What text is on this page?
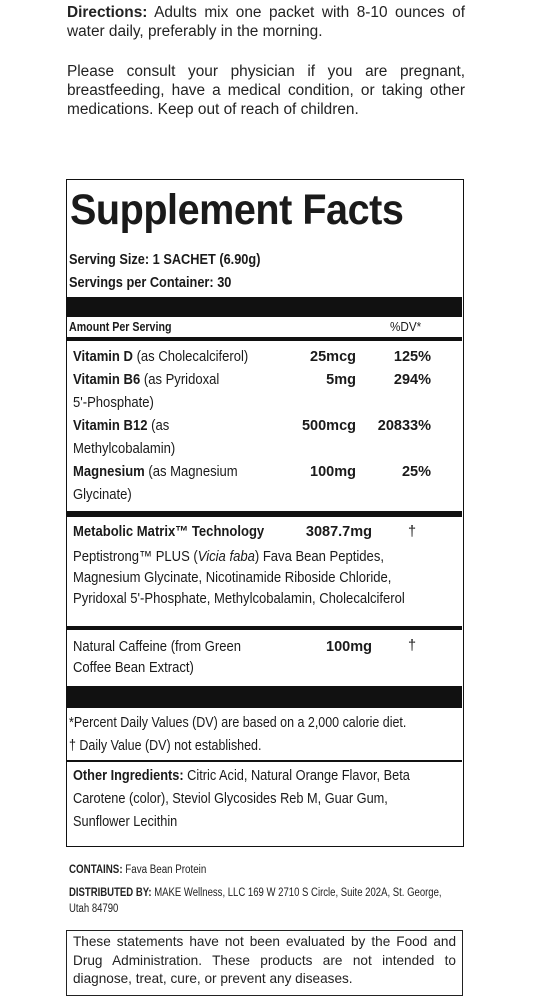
Directions: Adults mix one packet with 8-10 ounces of water daily, preferably in the morning.
Please consult your physician if you are pregnant, breastfeeding, have a medical condition, or taking other medications. Keep out of reach of children.
Supplement Facts
Serving Size: 1 SACHET (6.90g)
Servings per Container: 30
Amount Per Serving	%DV*
Vitamin D (as Cholecalciferol)	25mcg	125%
Vitamin B6 (as Pyridoxal
5'-Phosphate)
5mg	294%
Vitamin B12 (as
Methylcobalamin)
500mcg 20833%
Magnesium (as Magnesium
Glycinate)
100mg	25%
Metabolic Matrix™ Technology	3087.7mg †
Peptistrong™ PLUS (Vicia faba) Fava Bean Peptides,
Magnesium Glycinate, Nicotinamide Riboside Chloride,
Pyridoxal 5'-Phosphate, Methylcobalamin, Cholecalciferol
Natural Caffeine (from Green
Coffee Bean Extract)
100mg †
*Percent Daily Values (DV) are based on a 2,000 calorie diet.
† Daily Value (DV) not established.
Other Ingredients: Citric Acid, Natural Orange Flavor, Beta
Carotene (color), Steviol Glycosides Reb M, Guar Gum,
Sunflower Lecithin
CONTAINS: Fava Bean Protein
DISTRIBUTED BY: MAKE Wellness, LLC 169 W 2710 S Circle, Suite 202A, St. George,
Utah 84790
These statements have not been evaluated by the Food and Drug Administration. These products are not intended to diagnose, treat, cure, or prevent any diseases.
